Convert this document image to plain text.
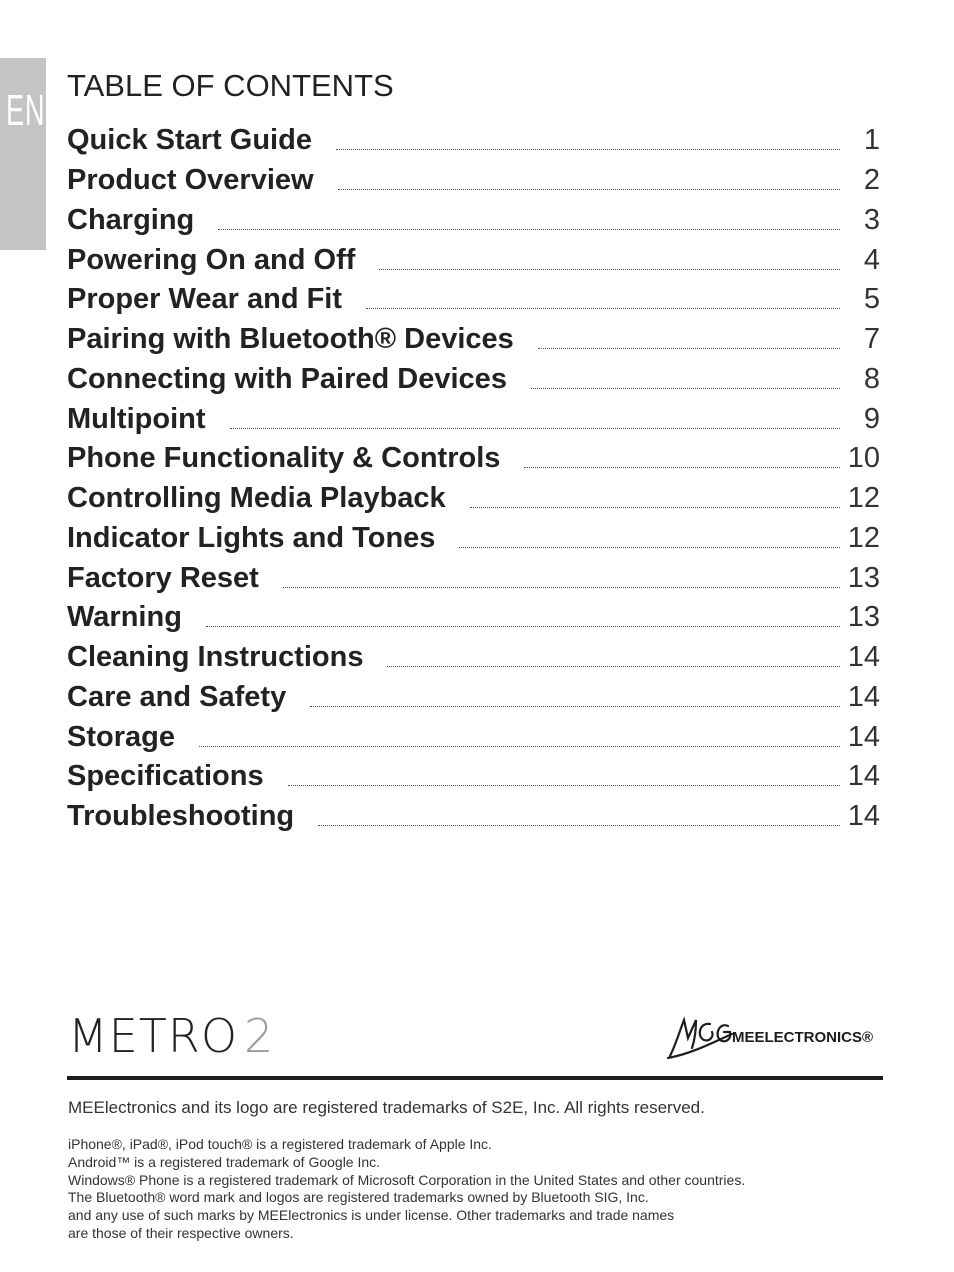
EN
TABLE OF CONTENTS
Quick Start Guide	1
Product Overview	2
Charging	3
Powering On and Off	4
Proper Wear and Fit	5
Pairing with Bluetooth® Devices	7
Connecting with Paired Devices	8
Multipoint	9
Phone Functionality & Controls	10
Controlling Media Playback	12
Indicator Lights and Tones	12
Factory Reset	13
Warning	13
Cleaning Instructions	14
Care and Safety	14
Storage	14
Specifications	14
Troubleshooting	14
METRO 2	MEELECTRONICS®

MEElectronics and its logo are registered trademarks of S2E, Inc. All rights reserved.

iPhone®, iPad®, iPod touch® is a registered trademark of Apple Inc.
Android™ is a registered trademark of Google Inc.
Windows® Phone is a registered trademark of Microsoft Corporation in the United States and other countries.
The Bluetooth® word mark and logos are registered trademarks owned by Bluetooth SIG, Inc.
and any use of such marks by MEElectronics is under license. Other trademarks and trade names
are those of their respective owners.
